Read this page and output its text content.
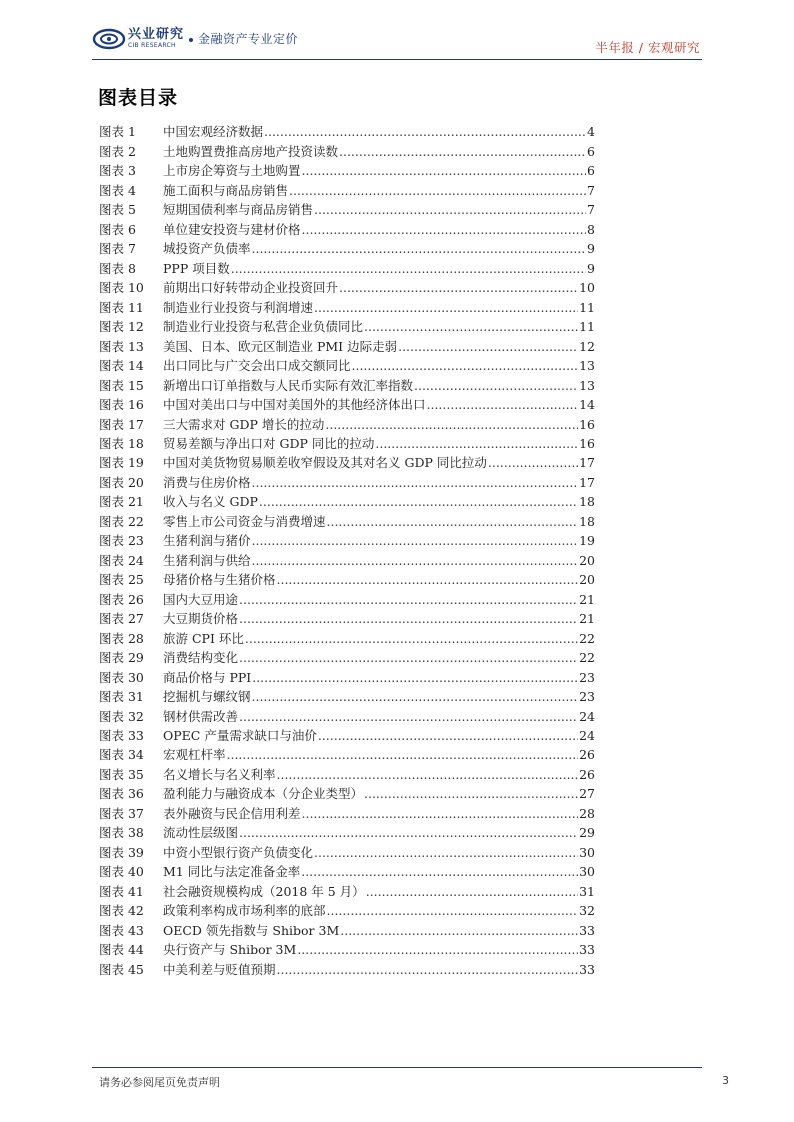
兴业研究
CIB RESEARCH	金融资产专业定价
半年报 / 宏观研究
图表目录
图表 1	中国宏观经济数据 .....	4
图表 2	土地购置费推高房地产投资读数 .....	6
图表 3	上市房企筹资与土地购置 .....	6
图表 4	施工面积与商品房销售 .....	7
图表 5	短期国债利率与商品房销售 .....	7
图表 6	单位建安投资与建材价格 .....	8
图表 7	城投资产负债率 .....	9
图表 8	PPP 项目数 .....	9
图表 10	前期出口好转带动企业投资回升 .....	10
图表 11	制造业行业投资与利润增速 .....	11
图表 12	制造业行业投资与私营企业负债同比 .....	11
图表 13	美国、日本、欧元区制造业 PMI 边际走弱 .....	12
图表 14	出口同比与广交会出口成交额同比 .....	13
图表 15	新增出口订单指数与人民币实际有效汇率指数 .....	13
图表 16	中国对美出口与中国对美国外的其他经济体出口 .....	14
图表 17	三大需求对 GDP 增长的拉动 .....	16
图表 18	贸易差额与净出口对 GDP 同比的拉动 .....	16
图表 19	中国对美货物贸易顺差收窄假设及其对名义 GDP 同比拉动 .....	17
图表 20	消费与住房价格 .....	17
图表 21	收入与名义 GDP .....	18
图表 22	零售上市公司资金与消费增速 .....	18
图表 23	生猪利润与猪价 .....	19
图表 24	生猪利润与供给 .....	20
图表 25	母猪价格与生猪价格 .....	20
图表 26	国内大豆用途 .....	21
图表 27	大豆期货价格 .....	21
图表 28	旅游 CPI 环比 .....	22
图表 29	消费结构变化 .....	22
图表 30	商品价格与 PPI .....	23
图表 31	挖掘机与螺纹钢 .....	23
图表 32	钢材供需改善 .....	24
图表 33	OPEC 产量需求缺口与油价 .....	24
图表 34	宏观杠杆率 .....	26
图表 35	名义增长与名义利率 .....	26
图表 36	盈利能力与融资成本（分企业类型） .....	27
图表 37	表外融资与民企信用利差 .....	28
图表 38	流动性层级图 .....	29
图表 39	中资小型银行资产负债变化 .....	30
图表 40	M1 同比与法定准备金率 .....	30
图表 41	社会融资规模构成（2018 年 5 月） .....	31
图表 42	政策利率构成市场利率的底部 .....	32
图表 43	OECD 领先指数与 Shibor 3M .....	33
图表 44	央行资产与 Shibor 3M .....	33
图表 45	中美利差与贬值预期 .....	33
请务必参阅尾页免责声明	3
